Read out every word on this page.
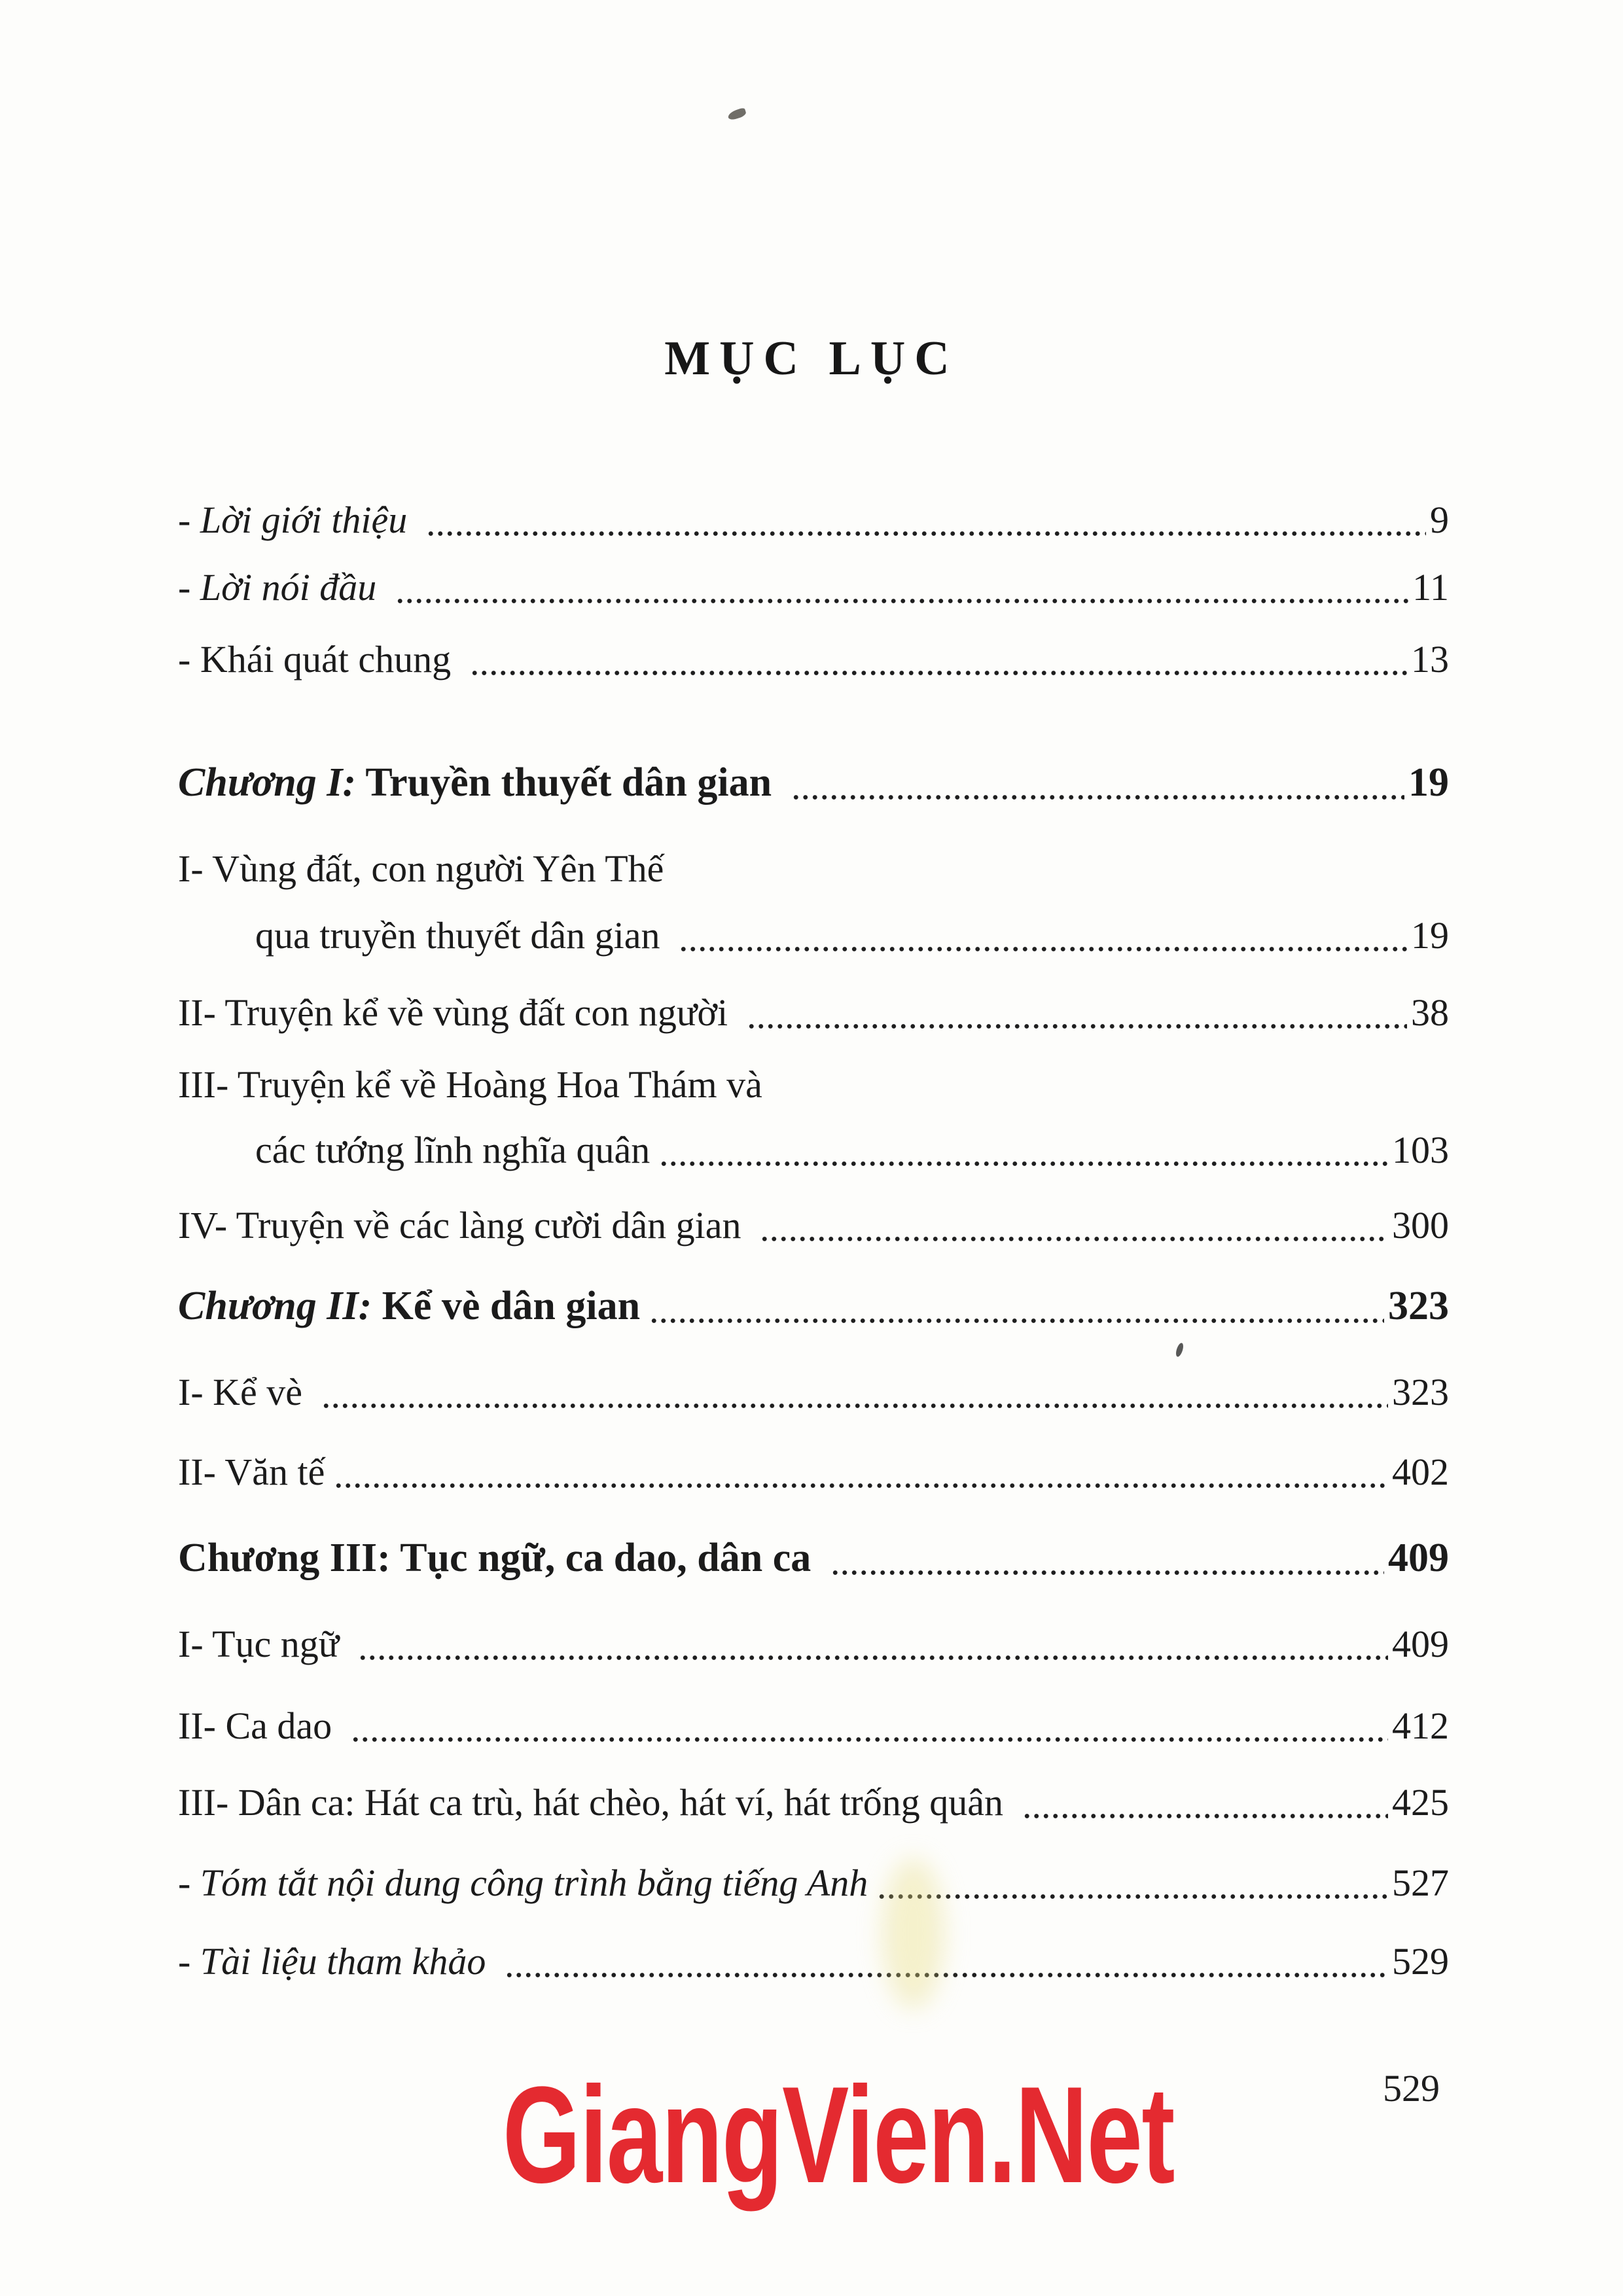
MỤC LỤC
- Lời giới thiệu	9
- Lời nói đầu	11
- Khái quát chung	13
Chương I: Truyền thuyết dân gian	19
I- Vùng đất, con người Yên Thế
qua truyền thuyết dân gian	19
II- Truyện kể về vùng đất con người	38
III- Truyện kể về Hoàng Hoa Thám và
các tướng lĩnh nghĩa quân	103
IV- Truyện về các làng cười dân gian	300
Chương II: Kể vè dân gian	323
I- Kể vè	323
II- Văn tế	402
Chương III: Tục ngữ, ca dao, dân ca	409
I- Tục ngữ	409
II- Ca dao	412
III- Dân ca: Hát ca trù, hát chèo, hát ví, hát trống quân	425
- Tóm tắt nội dung công trình bằng tiếng Anh	527
- Tài liệu tham khảo	529
GiangVien.Net	529
